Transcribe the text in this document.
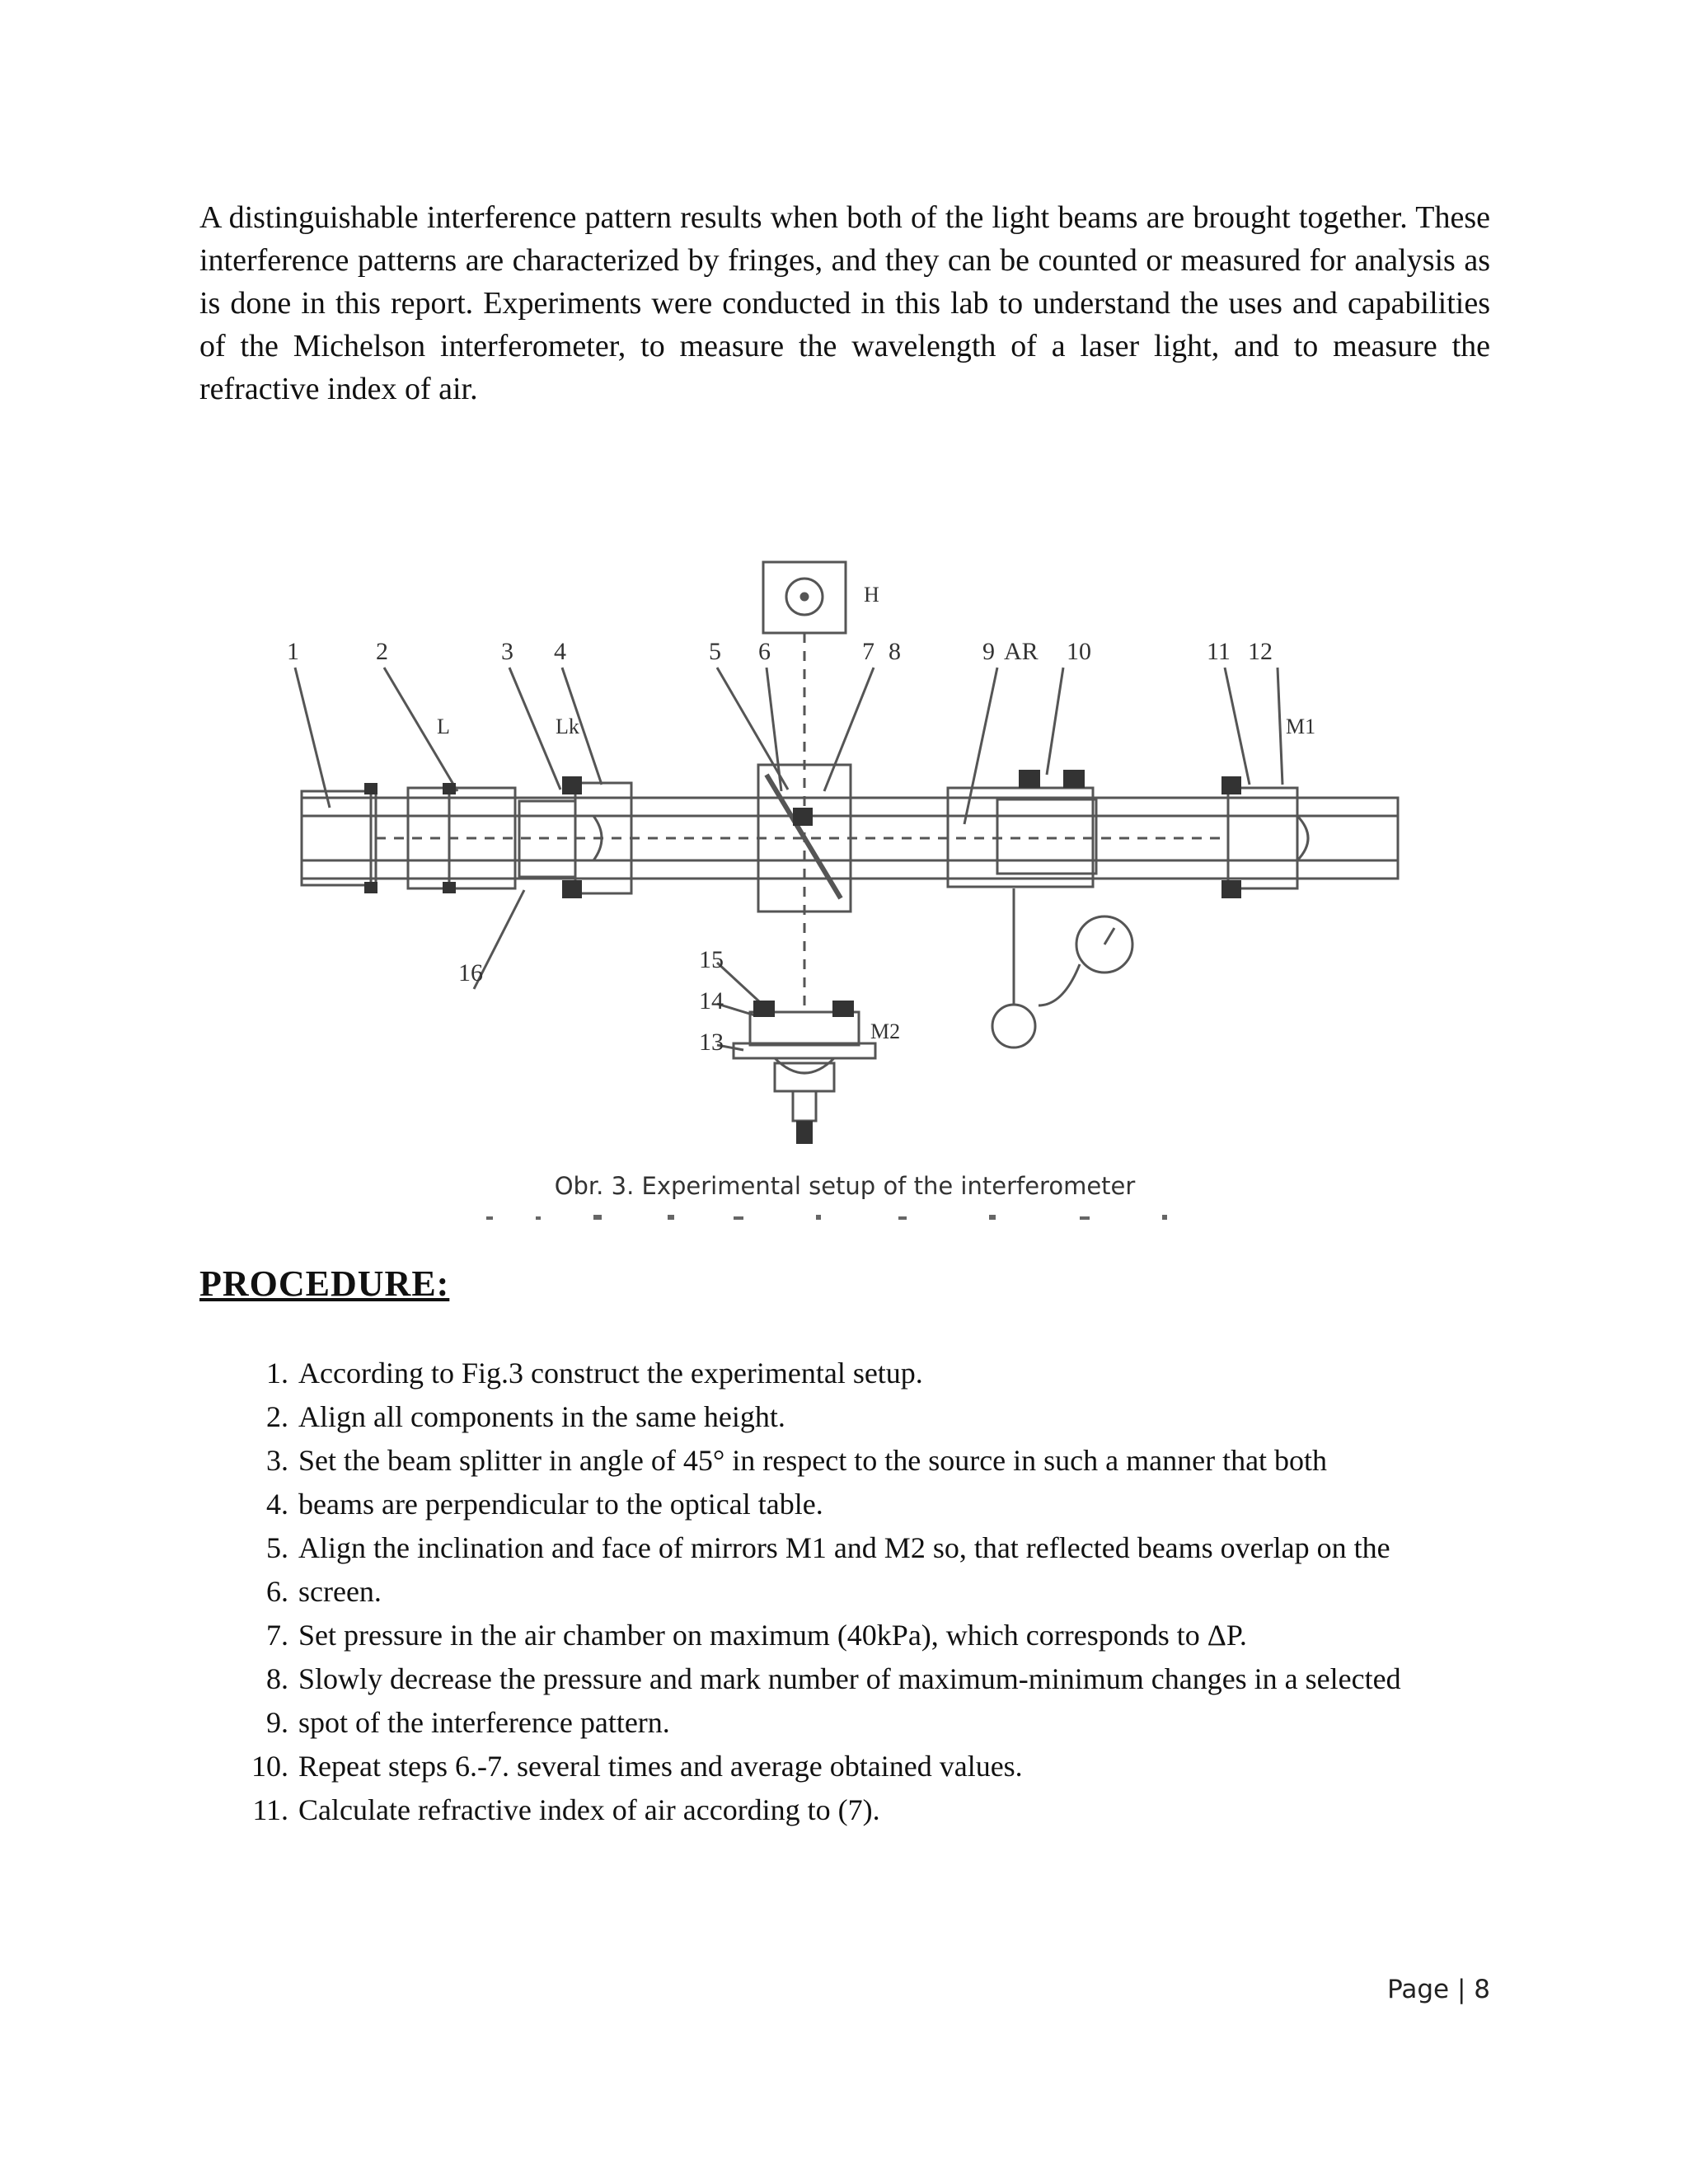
A distinguishable interference pattern results when both of the light beams are brought together. These interference patterns are characterized by fringes, and they can be counted or measured for analysis as is done in this report. Experiments were conducted in this lab to understand the uses and capabilities of the Michelson interferometer, to measure the wavelength of a laser light, and to measure the refractive index of air.

1	2	3 4	5 6	7 8	9 AR 10	11 12
13
14
15
16
L	Lk
H
M1
M2
Obr. 3. Experimental setup of the interferometer
PROCEDURE:
1. According to Fig.3 construct the experimental setup.
2. Align all components in the same height.
3. Set the beam splitter in angle of 45° in respect to the source in such a manner that both
4. beams are perpendicular to the optical table.
5. Align the inclination and face of mirrors M1 and M2 so, that reflected beams overlap on the
6. screen.
7. Set pressure in the air chamber on maximum (40kPa), which corresponds to ΔP.
8. Slowly decrease the pressure and mark number of maximum-minimum changes in a selected
9. spot of the interference pattern.
10. Repeat steps 6.-7. several times and average obtained values.
11. Calculate refractive index of air according to (7).
Page | 8
